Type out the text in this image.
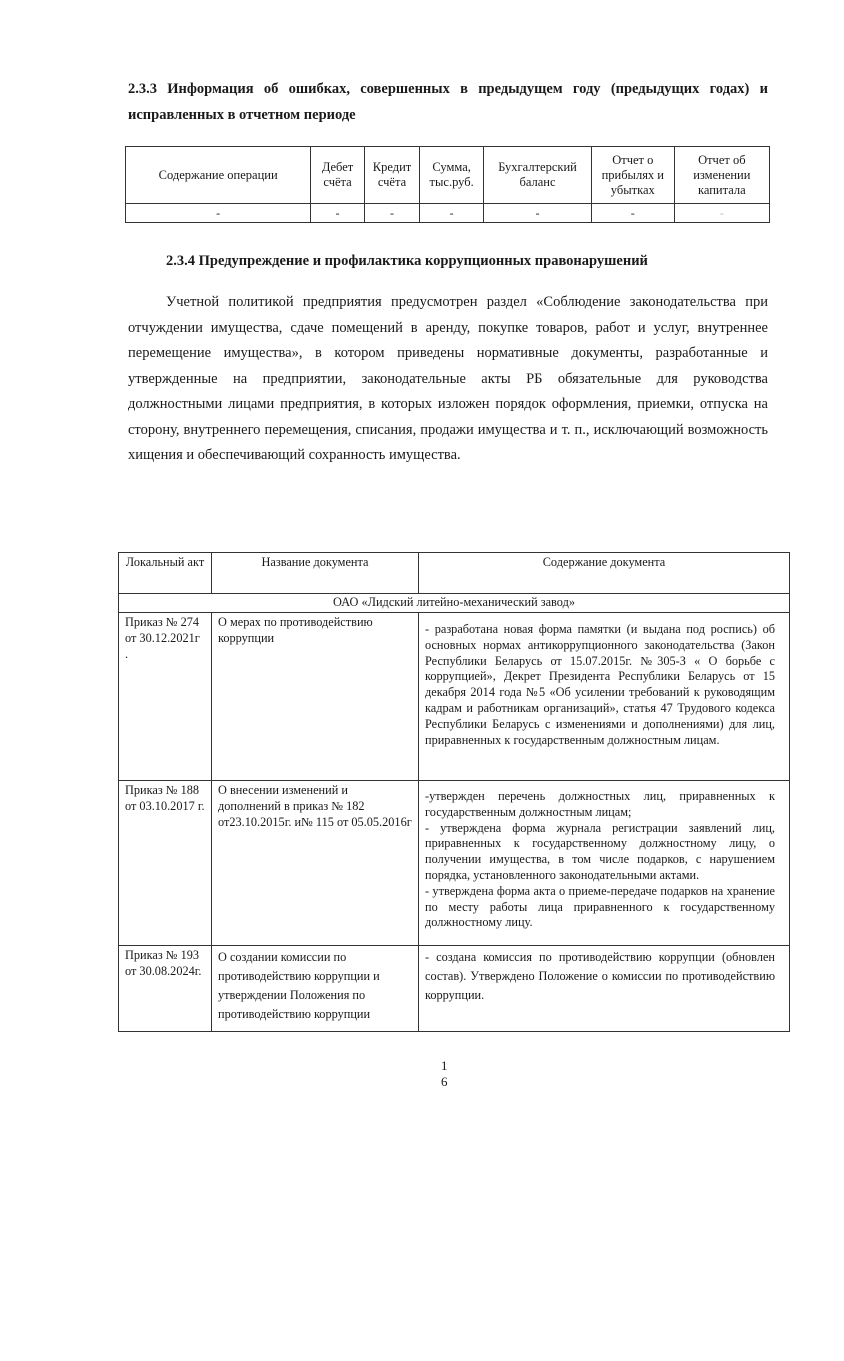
2.3.3 Информация об ошибках, совершенных в предыдущем году (предыдущих годах) и исправленных в отчетном периоде
Содержание операции	Дебет счёта	Кредит счёта	Сумма, тыс.руб.	Бухгалтерский баланс	Отчет о прибылях и убытках	Отчет об изменении капитала
-	-	-	-	-	-	-
2.3.4 Предупреждение и профилактика коррупционных правонарушений
Учетной политикой предприятия предусмотрен раздел «Соблюдение законодательства при отчуждении имущества, сдаче помещений в аренду, покупке товаров, работ и услуг, внутреннее перемещение имущества», в котором приведены нормативные документы, разработанные и утвержденные на предприятии, законодательные акты РБ обязательные для руководства должностными лицами предприятия, в которых изложен порядок оформления, приемки, отпуска на сторону, внутреннего перемещения, списания, продажи имущества и т. п., исключающий возможность хищения и обеспечивающий сохранность имущества.
Локальный акт	Название документа	Содержание документа
ОАО «Лидский литейно-механический завод»		
Приказ № 274 от 30.12.2021г .	О мерах по противодействию коррупции	- разработана новая форма памятки (и выдана под роспись) об основных нормах антикоррупционного законодательства (Закон Республики Беларусь от 15.07.2015г. №305-З « О борьбе с коррупцией», Декрет Президента Республики Беларусь от 15 декабря 2014 года №5 «Об усилении требований к руководящим кадрам и работникам организаций», статья 47 Трудового кодекса Республики Беларусь с изменениями и дополнениями) для лиц, приравненных к государственным должностным лицам.

Приказ № 188 от 03.10.2017 г.	О внесении изменений и дополнений в приказ № 182 от23.10.2015г. и№ 115 от 05.05.2016г	-утвержден перечень должностных лиц, приравненных к государственным должностным лицам;

- утверждена форма журнала регистрации заявлений лиц, приравненных к государственному должностному лицу, о получении имущества, в том числе подарков, с нарушением порядка, установленного законодательными актами.

- утверждена форма акта о приеме-передаче подарков на хранение по месту работы лица приравненного к государственному должностному лицу.

Приказ № 193 от 30.08.2024г.	О создании комиссии по противодействию коррупции и утверждении Положения по противодействию коррупции	- создана комиссия по противодействию коррупции (обновлен состав). Утверждено Положение о комиссии по противодействию коррупции.

1
6
